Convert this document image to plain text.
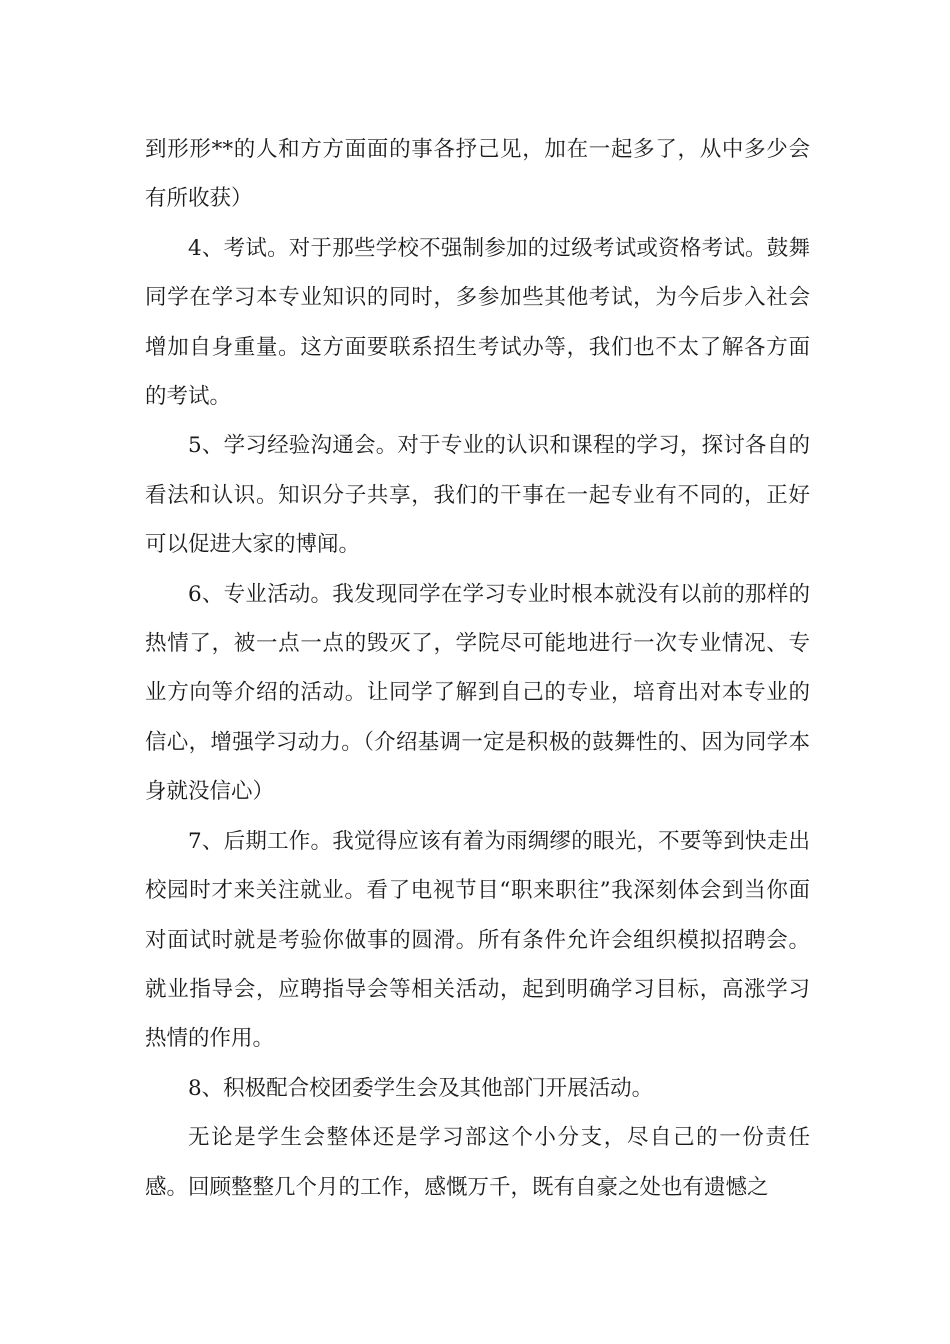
到形形**的人和方方面面的事各抒己见，加在一起多了，从中多少会有所收获）

4、考试。对于那些学校不强制参加的过级考试或资格考试。鼓舞同学在学习本专业知识的同时，多参加些其他考试，为今后步入社会增加自身重量。这方面要联系招生考试办等，我们也不太了解各方面的考试。

5、学习经验沟通会。对于专业的认识和课程的学习，探讨各自的看法和认识。知识分子共享，我们的干事在一起专业有不同的，正好可以促进大家的博闻。

6、专业活动。我发现同学在学习专业时根本就没有以前的那样的热情了，被一点一点的毁灭了，学院尽可能地进行一次专业情况、专业方向等介绍的活动。让同学了解到自己的专业，培育出对本专业的信心，增强学习动力。（介绍基调一定是积极的鼓舞性的、因为同学本身就没信心）

7、后期工作。我觉得应该有着为雨绸缪的眼光，不要等到快走出校园时才来关注就业。看了电视节目“职来职往”我深刻体会到当你面对面试时就是考验你做事的圆滑。所有条件允许会组织模拟招聘会。就业指导会，应聘指导会等相关活动，起到明确学习目标，高涨学习热情的作用。

8、积极配合校团委学生会及其他部门开展活动。

无论是学生会整体还是学习部这个小分支，尽自己的一份责任感。回顾整整几个月的工作，感慨万千，既有自豪之处也有遗憾之
